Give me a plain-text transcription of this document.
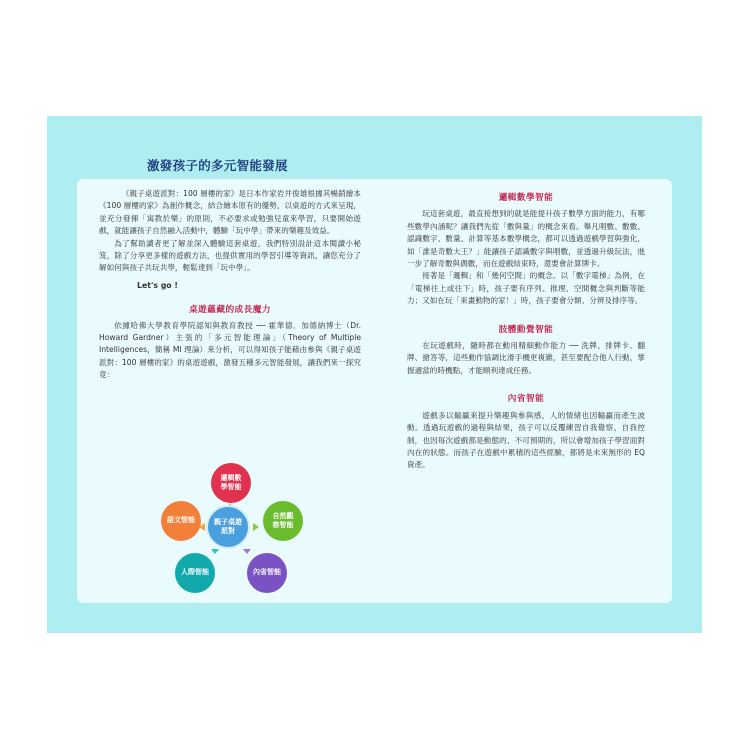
激發孩子的多元智能發展

《親子桌遊派對：100 層樓的家》是日本作家岩井俊雄根據其暢銷繪本《100 層樓的家》為創作概念，結合繪本原有的優勢，以桌遊的方式來呈現，並充分發揮「寓教於樂」的原則，不必要求或勉強兒童來學習，只要開始遊戲，就能讓孩子自然融入活動中，體驗「玩中學」帶來的樂趣及效益。

為了幫助讀者更了解並深入體驗這套桌遊，我們特別設計這本閱讀小秘笈，除了分享更多樣的遊戲方法，也提供實用的學習引導等資訊，讓您充分了解如何與孩子共玩共學，輕鬆達到「玩中學」。

Let's go !
桌遊蘊藏的成長魔力

依據哈佛大學教育學院認知與教育教授 ── 霍華德．加德納博士（Dr. Howard Gardner）主張的「多元智能理論」（Theory of Multiple Intelligences，簡稱 MI 理論）來分析，可以得知孩子能藉由參與《親子桌遊派對：100 層樓的家》的桌遊遊戲，激發五種多元智能發展，讓我們來一探究竟：

邏輯數學智能
自然觀察智能
內省智能
人際智能
語文智能	親子桌遊派對
邏輯數學智能

玩這套桌遊，最直接想到的就是能提升孩子數學方面的能力，有哪些數學內涵呢？讓我們先從「數與量」的概念來看。舉凡唱數、數數、認識數字、數量、計算等基本數學概念，都可以透過遊戲學習與強化，如「誰是奇數大王？」能讓孩子認識數字與唱數，並透過升級玩法，進一步了解奇數與偶數，而在遊戲結束時，還要會計算牌卡。

接著是「邏輯」和「幾何空間」的概念。以「數字電梯」為例，在「電梯往上或往下」時，孩子要有序列、推理、空間概念與判斷等能力；又如在玩「來畫動物的家！」時，孩子要會分類、分辨及排序等。

肢體動覺智能

在玩遊戲時，隨時都在動用精細動作能力 ── 洗牌、排牌卡、翻牌、搶答等，這些動作協調比滑手機更複雜，甚至要配合他人行動，掌握適當的時機點，才能順利達成任務。

內省智能

遊戲多以輸贏來提升樂趣與參與感，人的情緒也因輸贏而產生波動。透過玩遊戲的過程與結果，孩子可以反覆練習自我覺察、自我控制，也因每次遊戲都是動態的、不可預期的，所以會增加孩子學習面對內在的狀態。而孩子在遊戲中累積的這些經驗，都將是未來無形的 EQ 資產。
